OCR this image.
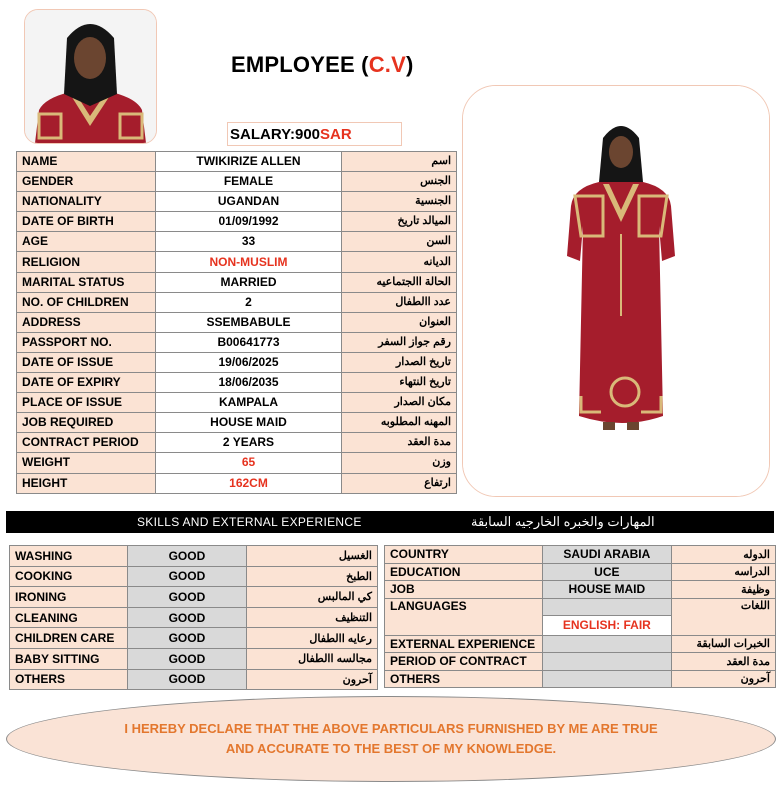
EMPLOYEE (C.V)
SALARY:900SAR
NAME	TWIKIRIZE ALLEN	اسم
GENDER	FEMALE	الجنس
NATIONALITY	UGANDAN	الجنسية
DATE OF BIRTH	01/09/1992	الميالد تاريخ
AGE	33	السن
RELIGION	NON-MUSLIM	الديانه
MARITAL STATUS	MARRIED	الحالة االجتماعيه
NO. OF CHILDREN	2	عدد االطفال
ADDRESS	SSEMBABULE	العنوان
PASSPORT NO.	B00641773	رقم جواز السفر
DATE OF ISSUE	19/06/2025	تاريخ الصدار
DATE OF EXPIRY	18/06/2035	تاريخ النتهاء
PLACE OF ISSUE	KAMPALA	مكان الصدار
JOB REQUIRED	HOUSE MAID	المهنه المطلوبه
CONTRACT PERIOD	2 YEARS	مدة العقد
WEIGHT	65	وزن
HEIGHT	162CM	ارتفاع
SKILLS AND EXTERNAL EXPERIENCE	المهارات والخبره الخارجيه السابقة
WASHING	GOOD	الغسيل
COOKING	GOOD	الطبخ
IRONING	GOOD	كي المالبس
CLEANING	GOOD	التنظيف
CHILDREN CARE	GOOD	رعايه االطفال
BABY SITTING	GOOD	مجالسه االطفال
OTHERS	GOOD	آحرون
COUNTRY	SAUDI ARABIA	الدوله
EDUCATION	UCE	الدراسه
JOB	HOUSE MAID	وظيفة
LANGUAGES		اللغات
	ENGLISH: FAIR	
EXTERNAL EXPERIENCE		الخبرات السابقة
PERIOD OF CONTRACT		مدة العقد
OTHERS		آحرون
I HEREBY DECLARE THAT THE ABOVE PARTICULARS FURNISHED BY ME ARE TRUE AND ACCURATE TO THE BEST OF MY KNOWLEDGE.
